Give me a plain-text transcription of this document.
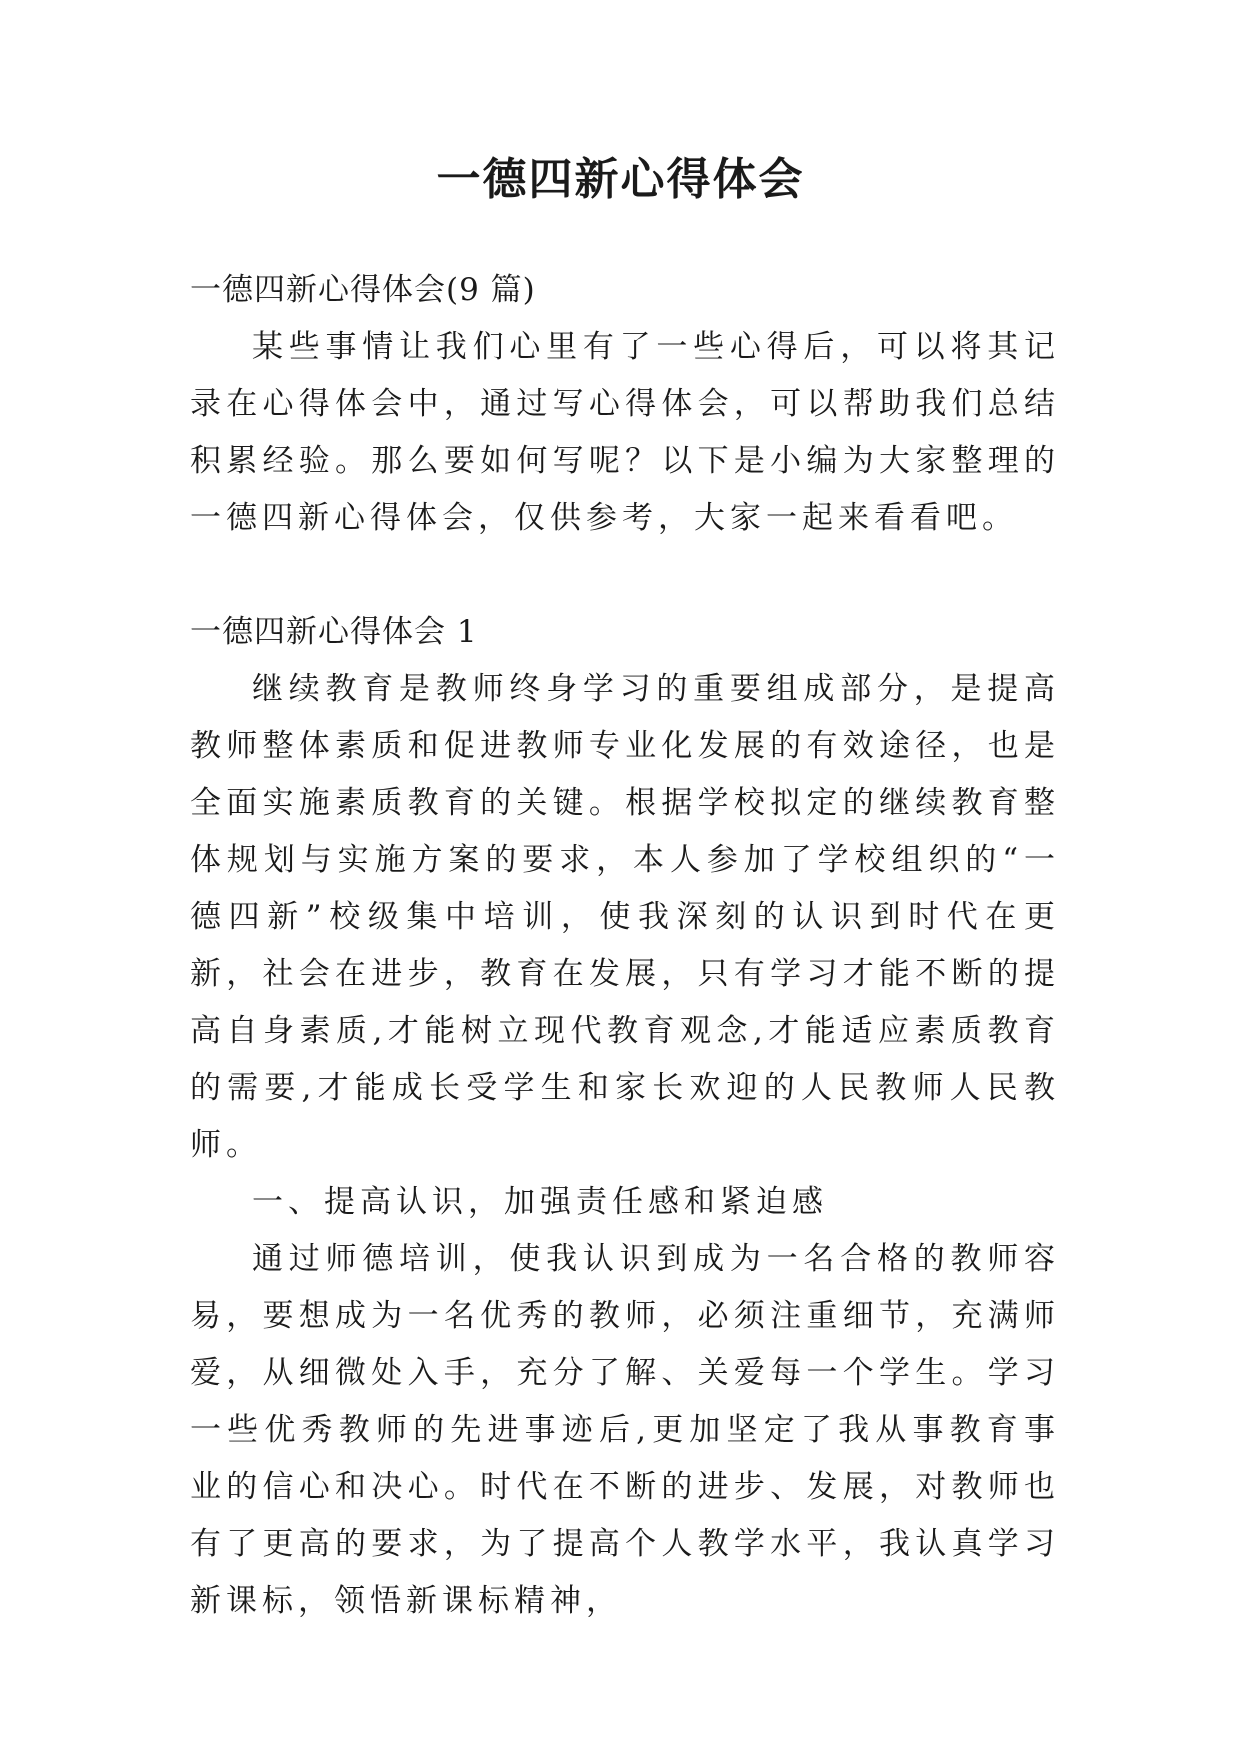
一德四新心得体会

一德四新心得体会(9 篇)

某些事情让我们心里有了一些心得后，可以将其记录在心得体会中，通过写心得体会，可以帮助我们总结积累经验。那么要如何写呢？以下是小编为大家整理的一德四新心得体会，仅供参考，大家一起来看看吧。

一德四新心得体会 1

继续教育是教师终身学习的重要组成部分，是提高教师整体素质和促进教师专业化发展的有效途径，也是全面实施素质教育的关键。根据学校拟定的继续教育整体规划与实施方案的要求，本人参加了学校组织的“一德四新”校级集中培训，使我深刻的认识到时代在更新，社会在进步，教育在发展，只有学习才能不断的提高自身素质,才能树立现代教育观念,才能适应素质教育的需要,才能成长受学生和家长欢迎的人民教师人民教师。

一、提高认识，加强责任感和紧迫感

通过师德培训，使我认识到成为一名合格的教师容易，要想成为一名优秀的教师，必须注重细节，充满师爱，从细微处入手，充分了解、关爱每一个学生。学习一些优秀教师的先进事迹后,更加坚定了我从事教育事业的信心和决心。时代在不断的进步、发展，对教师也有了更高的要求，为了提高个人教学水平，我认真学习新课标，领悟新课标精神，
